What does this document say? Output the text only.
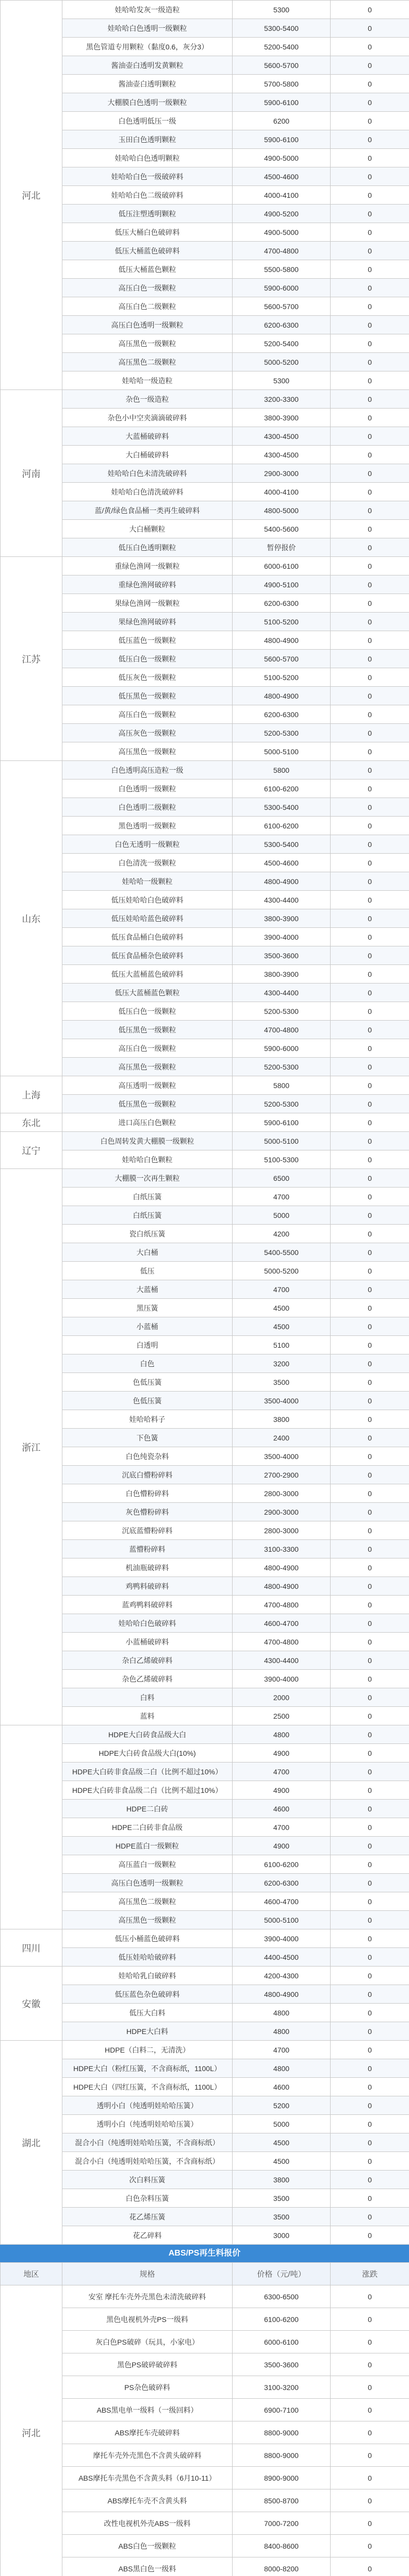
河北	娃哈哈发灰一级造粒	5300	0
	娃哈哈白色透明一级颗粒	5300-5400	0
	黑色管道专用颗粒（黏度0.6，灰分3）	5200-5400	0
	酱油壶白透明发黄颗粒	5600-5700	0
	酱油壶白透明颗粒	5700-5800	0
	大棚膜白色透明一级颗粒	5900-6100	0
	白色透明低压一级	6200	0
	玉田白色透明颗粒	5900-6100	0
	娃哈哈白色透明颗粒	4900-5000	0
	娃哈哈白色一级破碎料	4500-4600	0
	娃哈哈白色二级破碎料	4000-4100	0
	低压注塑透明颗粒	4900-5200	0
	低压大桶白色破碎料	4900-5000	0
	低压大桶蓝色破碎料	4700-4800	0
	低压大桶蓝色颗粒	5500-5800	0
	高压白色一级颗粒	5900-6000	0
	高压白色二级颗粒	5600-5700	0
	高压白色透明一级颗粒	6200-6300	0
	高压黑色一级颗粒	5200-5400	0
	高压黑色二级颗粒	5000-5200	0
	娃哈哈一级造粒	5300	0
河南	杂色一级造粒	3200-3300	0
	杂色小中空夹滴滴破碎料	3800-3900	0
	大蓝桶破碎料	4300-4500	0
	大白桶破碎料	4300-4500	0
	娃哈哈白色未清洗破碎料	2900-3000	0
	娃哈哈白色清洗破碎料	4000-4100	0
	蓝/黄/绿色食品桶一类再生破碎料	4800-5000	0
	大白桶颗粒	5400-5600	0
	低压白色透明颗粒	暂停报价	0
江苏	重绿色渔网一级颗粒	6000-6100	0
	重绿色渔网破碎料	4900-5100	0
	果绿色渔网一级颗粒	6200-6300	0
	果绿色渔网破碎料	5100-5200	0
	低压蓝色一级颗粒	4800-4900	0
	低压白色一级颗粒	5600-5700	0
	低压灰色一级颗粒	5100-5200	0
	低压黑色一级颗粒	4800-4900	0
	高压白色一级颗粒	6200-6300	0
	高压灰色一级颗粒	5200-5300	0
	高压黑色一级颗粒	5000-5100	0
山东	白色透明高压造粒一级	5800	0
	白色透明一级颗粒	6100-6200	0
	白色透明二级颗粒	5300-5400	0
	黑色透明一级颗粒	6100-6200	0
	白色无透明一级颗粒	5300-5400	0
	白色清洗一级颗粒	4500-4600	0
	娃哈哈一级颗粒	4800-4900	0
	低压娃哈哈白色破碎料	4300-4400	0
	低压娃哈哈蓝色破碎料	3800-3900	0
	低压食品桶白色破碎料	3900-4000	0
	低压食品桶杂色破碎料	3500-3600	0
	低压大蓝桶蓝色破碎料	3800-3900	0
	低压大蓝桶蓝色颗粒	4300-4400	0
	低压白色一级颗粒	5200-5300	0
	低压黑色一级颗粒	4700-4800	0
	高压白色一级颗粒	5900-6000	0
	高压黑色一级颗粒	5200-5300	0
上海	高压透明一级颗粒	5800	0
	低压黑色一级颗粒	5200-5300	0
东北	进口高压白色颗粒	5900-6100	0
辽宁	白色周转发黄大棚膜一级颗粒	5000-5100	0
	娃哈哈白色颗粒	5100-5300	0
浙江	大棚膜一次再生颗粒	6500	0
	白纸压簧	4700	0
	白纸压簧	5000	0
	瓷白纸压簧	4200	0
	大白桶	5400-5500	0
	低压	5000-5200	0
	大蓝桶	4700	0
	黑压簧	4500	0
	小蓝桶	4500	0
	白透明	5100	0
	白色	3200	0
	色低压簧	3500	0
	色低压簧	3500-4000	0
	娃哈哈料子	3800	0
	下色簧	2400	0
	白色纯瓷杂料	3500-4000	0
	沉底白懵粉碎料	2700-2900	0
	白色懵粉碎料	2800-3000	0
	灰色懵粉碎料	2900-3000	0
	沉底蓝懵粉碎料	2800-3000	0
	蓝懵粉碎料	3100-3300	0
	机油瓶破碎料	4800-4900	0
	鸡鸭料破碎料	4800-4900	0
	蓝鸡鸭料破碎料	4700-4800	0
	娃哈哈白色破碎料	4600-4700	0
	小蓝桶破碎料	4700-4800	0
	杂白乙烯破碎料	4300-4400	0
	杂色乙烯破碎料	3900-4000	0
	白料	2000	0
	蓝料	2500	0
	HDPE大白砖食品级大白	4800	0
	HDPE大白砖食品级大白(10%)	4900	0
	HDPE大白砖非食品级二白（比例不超过10%）	4700	0
	HDPE大白砖非食品级二白（比例不超过10%）	4900	0
	HDPE二白砖	4600	0
	HDPE二白砖非食品级	4700	0
	HDPE蓝白一级颗粒	4900	0
	高压蓝白一级颗粒	6100-6200	0
	高压白色透明一级颗粒	6200-6300	0
	高压黑色二级颗粒	4600-4700	0
	高压黑色一级颗粒	5000-5100	0
四川	低压小桶蓝色破碎料	3900-4000	0
	低压娃哈哈破碎料	4400-4500	0
安徽	娃哈哈乳白破碎料	4200-4300	0
	低压蓝色杂色破碎料	4800-4900	0
	低压大白料	4800	0
	HDPE大白料	4800	0
湖北	HDPE（白料二，无清洗）	4700	0
	HDPE大白（粉红压簧，不含商标纸，1100L）	4800	0
	HDPE大白（四红压簧，不含商标纸，1100L）	4600	0
	透明小白（纯透明娃哈哈压簧）	5200	0
	透明小白（纯透明娃哈哈压簧）	5000	0
	混合小白（纯透明娃哈哈压簧，不含商标纸）	4500	0
	混合小白（纯透明娃哈哈压簧，不含商标纸）	4500	0
	次白料压簧	3800	0
	白色杂料压簧	3500	0
	花乙烯压簧	3500	0
	花乙碎料	3000	0
ABS/PS再生料报价
地区	规格	价格（元/吨）	涨跌
河北	安室 摩托车壳外壳黑色未清洗破碎料	6300-6500	0
	黑色电视机外壳PS一级料	6100-6200	0
	灰白色PS破碎（玩具，小家电）	6000-6100	0
	黑色PS破碎破碎料	3500-3600	0
	PS杂色破碎料	3100-3200	0
	ABS黑电单一级料（一级回料）	6900-7100	0
	ABS摩托车壳破碎料	8800-9000	0
	摩托车壳外壳黑色不含黄头破碎料	8800-9000	0
	ABS摩托车壳黑色不含黄头料（6月10-11）	8900-9000	0
	ABS摩托车壳不含黄头料	8500-8700	0
	改性电视机外壳ABS一级料	7000-7200	0
	ABS白色一级颗粒	8400-8600	0
	ABS黑白色一级料	8000-8200	0
